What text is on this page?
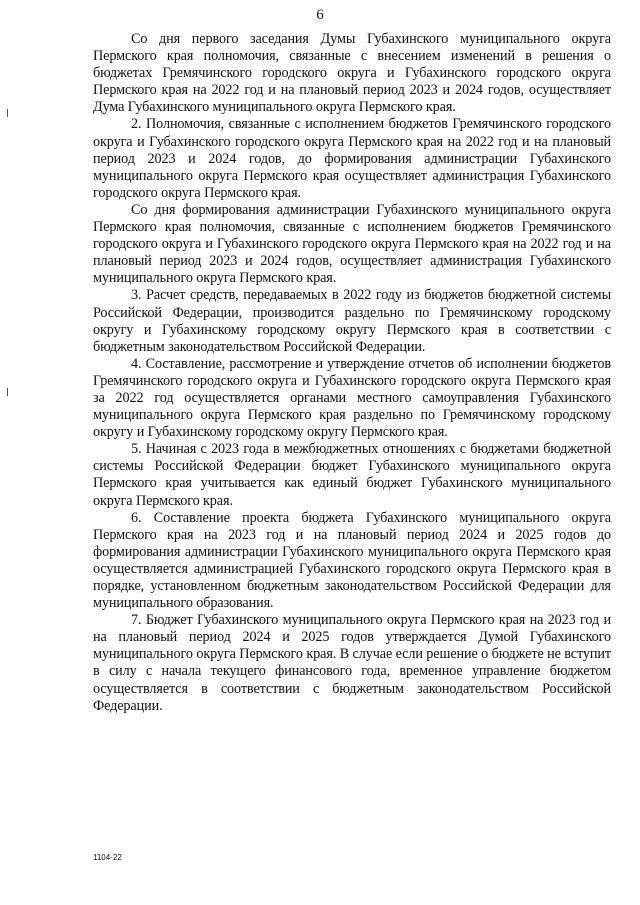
6

Со дня первого заседания Думы Губахинского муниципального округа Пермского края полномочия, связанные с внесением изменений в решения о бюджетах Гремячинского городского округа и Губахинского городского округа Пермского края на 2022 год и на плановый период 2023 и 2024 годов, осуществляет Дума Губахинского муниципального округа Пермского края.

2. Полномочия, связанные с исполнением бюджетов Гремячинского городского округа и Губахинского городского округа Пермского края на 2022 год и на плановый период 2023 и 2024 годов, до формирования администрации Губахинского муниципального округа Пермского края осуществляет администрация Губахинского городского округа Пермского края.

Со дня формирования администрации Губахинского муниципального округа Пермского края полномочия, связанные с исполнением бюджетов Гремячинского городского округа и Губахинского городского округа Пермского края на 2022 год и на плановый период 2023 и 2024 годов, осуществляет администрация Губахинского муниципального округа Пермского края.

3. Расчет средств, передаваемых в 2022 году из бюджетов бюджетной системы Российской Федерации, производится раздельно по Гремячинскому городскому округу и Губахинскому городскому округу Пермского края в соответствии с бюджетным законодательством Российской Федерации.

4. Составление, рассмотрение и утверждение отчетов об исполнении бюджетов Гремячинского городского округа и Губахинского городского округа Пермского края за 2022 год осуществляется органами местного самоуправления Губахинского муниципального округа Пермского края раздельно по Гремячинскому городскому округу и Губахинскому городскому округу Пермского края.

5. Начиная с 2023 года в межбюджетных отношениях с бюджетами бюджетной системы Российской Федерации бюджет Губахинского муниципального округа Пермского края учитывается как единый бюджет Губахинского муниципального округа Пермского края.

6. Составление проекта бюджета Губахинского муниципального округа Пермского края на 2023 год и на плановый период 2024 и 2025 годов до формирования администрации Губахинского муниципального округа Пермского края осуществляется администрацией Губахинского городского округа Пермского края в порядке, установленном бюджетным законодательством Российской Федерации для муниципального образования.

7. Бюджет Губахинского муниципального округа Пермского края на 2023 год и на плановый период 2024 и 2025 годов утверждается Думой Губахинского муниципального округа Пермского края. В случае если решение о бюджете не вступит в силу с начала текущего финансового года, временное управление бюджетом осуществляется в соответствии с бюджетным законодательством Российской Федерации.

1104-22
